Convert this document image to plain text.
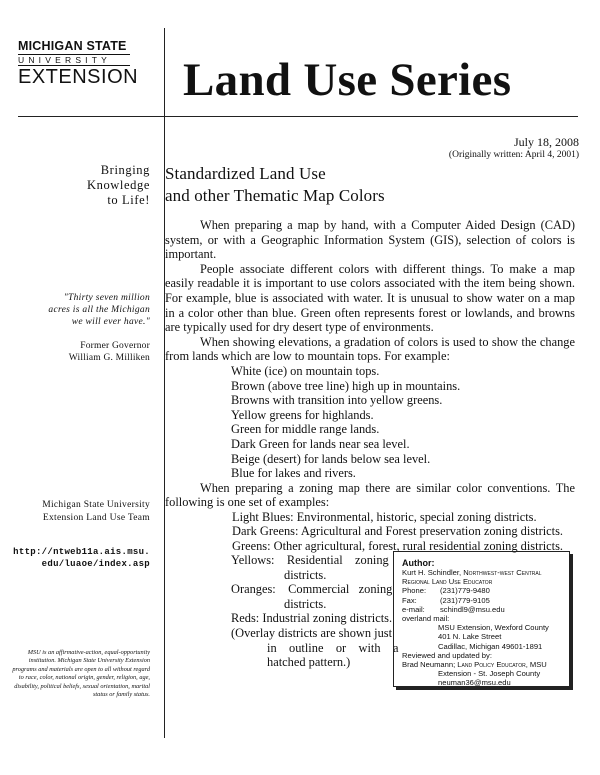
MICHIGAN STATE
UNIVERSITY
EXTENSION Land Use Series
July 18, 2008
(Originally written: April 4, 2001)
Bringing
Knowledge
to Life!
"Thirty seven million
acres is all the Michigan
we will ever have."
Former Governor
William G. Milliken
Michigan State University
Extension Land Use Team
http://ntweb11a.ais.msu.
edu/luaoe/index.asp
MSU is an affirmative-action, equal-opportunity institution. Michigan State University Extension programs and materials are open to all without regard to race, color, national origin, gender, religion, age, disability, political beliefs, sexual orientation, marital status or family status.
Standardized Land Use
and other Thematic Map Colors

When preparing a map by hand, with a Computer Aided Design (CAD) system, or with a Geographic Information System (GIS), selection of colors is important.

People associate different colors with different things. To make a map easily readable it is important to use colors associated with the item being shown. For example, blue is associated with water. It is unusual to show water on a map in a color other than blue. Green often represents forest or lowlands, and browns are typically used for dry desert type of environments.

When showing elevations, a gradation of colors is used to show the change from lands which are low to mountain tops. For example:

White (ice) on mountain tops.
Brown (above tree line) high up in mountains.
Browns with transition into yellow greens.
Yellow greens for highlands.
Green for middle range lands.
Dark Green for lands near sea level.
Beige (desert) for lands below sea level.
Blue for lakes and rivers.

When preparing a zoning map there are similar color conventions. The following is one set of examples:

Light Blues: Environmental, historic, special zoning districts.
Dark Greens: Agricultural and Forest preservation zoning districts.
Greens: Other agricultural, forest, rural residential zoning districts.
Yellows:    Residential    zoning
districts.
Oranges:    Commercial   zoning
districts.
Reds: Industrial zoning districts.
(Overlay districts are shown just
in    outline    or    with    a
hatched pattern.)
Author:
Kurt H. Schindler, Northwest-west Central
Regional Land Use Educator
Phone: (231)779-9480
Fax:	(231)779-9105
e-mail: schindl9@msu.edu
overland mail:
MSU Extension, Wexford County
401 N. Lake Street
Cadillac, Michigan 49601-1891
Reviewed and updated by:
Brad Neumann; Land Policy Educator, MSU
Extension - St. Joseph County
neuman36@msu.edu
